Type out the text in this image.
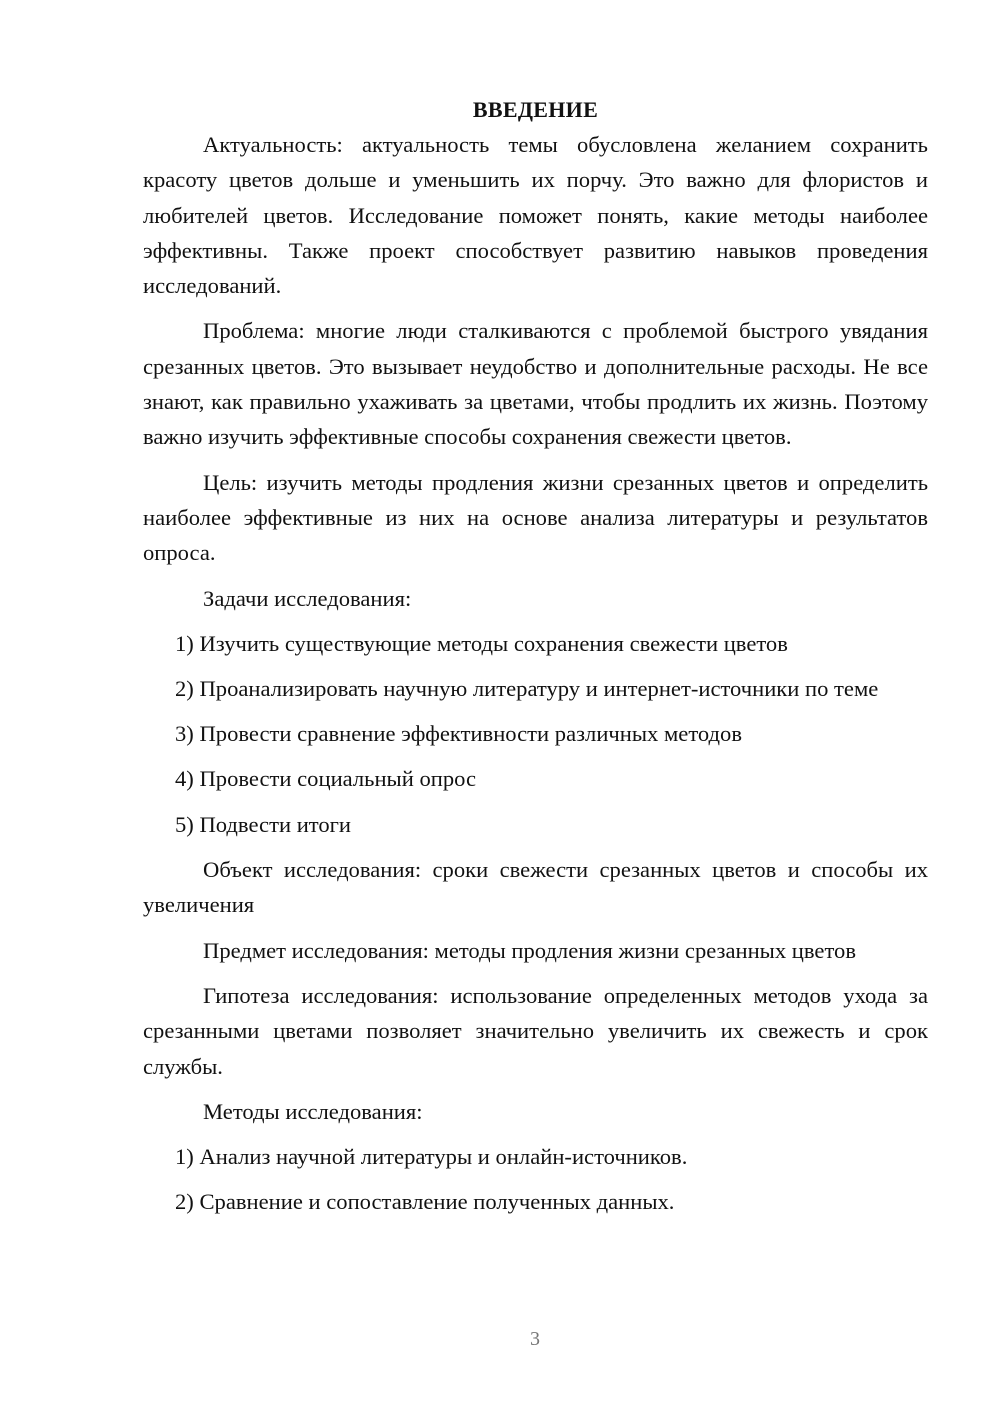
ВВЕДЕНИЕ
Актуальность: актуальность темы обусловлена желанием сохранить красоту цветов дольше и уменьшить их порчу. Это важно для флористов и любителей цветов. Исследование поможет понять, какие методы наиболее эффективны. Также проект способствует развитию навыков проведения исследований.
Проблема: многие люди сталкиваются с проблемой быстрого увядания срезанных цветов. Это вызывает неудобство и дополнительные расходы. Не все знают, как правильно ухаживать за цветами, чтобы продлить их жизнь. Поэтому важно изучить эффективные способы сохранения свежести цветов.
Цель: изучить методы продления жизни срезанных цветов и определить наиболее эффективные из них на основе анализа литературы и результатов опроса.
Задачи исследования:
1) Изучить существующие методы сохранения свежести цветов
2) Проанализировать научную литературу и интернет-источники по теме
3) Провести сравнение эффективности различных методов
4) Провести социальный опрос
5) Подвести итоги
Объект исследования: сроки свежести срезанных цветов и способы их увеличения
Предмет исследования: методы продления жизни срезанных цветов
Гипотеза исследования: использование определенных методов ухода за срезанными цветами позволяет значительно увеличить их свежесть и срок службы.
Методы исследования:
1) Анализ научной литературы и онлайн-источников.
2) Сравнение и сопоставление полученных данных.
3
